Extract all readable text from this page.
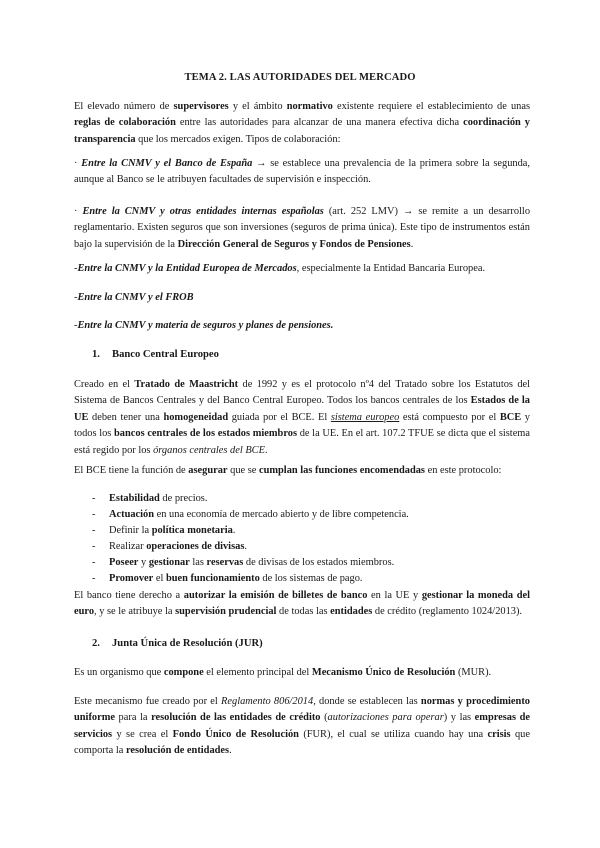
TEMA 2. LAS AUTORIDADES DEL MERCADO

El elevado número de supervisores y el ámbito normativo existente requiere el establecimiento de unas reglas de colaboración entre las autoridades para alcanzar de una manera efectiva dicha coordinación y transparencia que los mercados exigen. Tipos de colaboración:

· Entre la CNMV y el Banco de España → se establece una prevalencia de la primera sobre la segunda, aunque al Banco se le atribuyen facultades de supervisión e inspección.

· Entre la CNMV y otras entidades internas españolas (art. 252 LMV) → se remite a un desarrollo reglamentario. Existen seguros que son inversiones (seguros de prima única). Este tipo de instrumentos están bajo la supervisión de la Dirección General de Seguros y Fondos de Pensiones.

-Entre la CNMV y la Entidad Europea de Mercados, especialmente la Entidad Bancaria Europea.

-Entre la CNMV y el FROB

-Entre la CNMV y materia de seguros y planes de pensiones.

1. Banco Central Europeo

Creado en el Tratado de Maastricht de 1992 y es el protocolo nº4 del Tratado sobre los Estatutos del Sistema de Bancos Centrales y del Banco Central Europeo. Todos los bancos centrales de los Estados de la UE deben tener una homogeneidad guiada por el BCE. El sistema europeo está compuesto por el BCE y todos los bancos centrales de los estados miembros de la UE. En el art. 107.2 TFUE se dicta que el sistema está regido por los órganos centrales del BCE.

El BCE tiene la función de asegurar que se cumplan las funciones encomendadas en este protocolo:

- Estabilidad de precios.
- Actuación en una economía de mercado abierto y de libre competencia.
- Definir la política monetaria.
- Realizar operaciones de divisas.
- Poseer y gestionar las reservas de divisas de los estados miembros.
- Promover el buen funcionamiento de los sistemas de pago.

El banco tiene derecho a autorizar la emisión de billetes de banco en la UE y gestionar la moneda del euro, y se le atribuye la supervisión prudencial de todas las entidades de crédito (reglamento 1024/2013).

2. Junta Única de Resolución (JUR)

Es un organismo que compone el elemento principal del Mecanismo Único de Resolución (MUR).

Este mecanismo fue creado por el Reglamento 806/2014, donde se establecen las normas y procedimiento uniforme para la resolución de las entidades de crédito (autorizaciones para operar) y las empresas de servicios y se crea el Fondo Único de Resolución (FUR), el cual se utiliza cuando hay una crisis que comporta la resolución de entidades.
